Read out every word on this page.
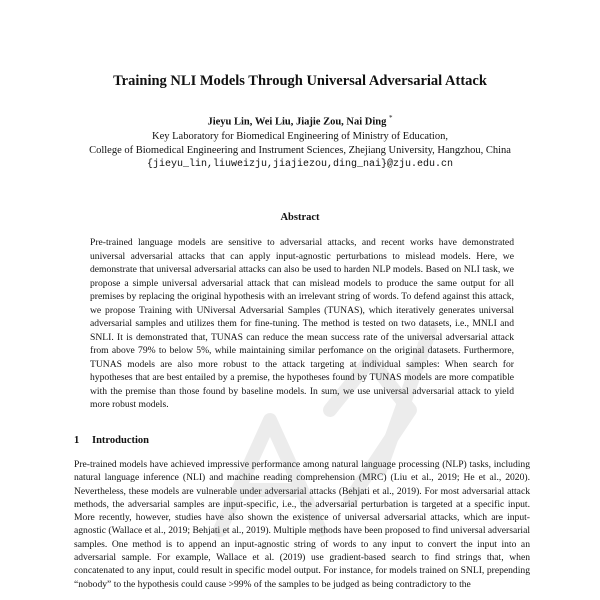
Training NLI Models Through Universal Adversarial Attack
Jieyu Lin, Wei Liu, Jiajie Zou, Nai Ding *
Key Laboratory for Biomedical Engineering of Ministry of Education,
College of Biomedical Engineering and Instrument Sciences, Zhejiang University, Hangzhou, China
{jieyu_lin,liuweizju,jiajiezou,ding_nai}@zju.edu.cn
Abstract
Pre-trained language models are sensitive to adversarial attacks, and recent works have demonstrated universal adversarial attacks that can apply input-agnostic perturbations to mislead models. Here, we demonstrate that universal adversarial attacks can also be used to harden NLP models. Based on NLI task, we propose a simple universal adversarial attack that can mislead models to produce the same output for all premises by replacing the original hypothesis with an irrelevant string of words. To defend against this attack, we propose Training with UNiversal Adversarial Samples (TUNAS), which iteratively generates universal adversarial samples and utilizes them for fine-tuning. The method is tested on two datasets, i.e., MNLI and SNLI. It is demonstrated that, TUNAS can reduce the mean success rate of the universal adversarial attack from above 79% to below 5%, while maintaining similar perfomance on the original datasets. Furthermore, TUNAS models are also more robust to the attack targeting at individual samples: When search for hypotheses that are best entailed by a premise, the hypotheses found by TUNAS models are more compatible with the premise than those found by baseline models. In sum, we use universal adversarial attack to yield more robust models.
1 Introduction
Pre-trained models have achieved impressive performance among natural language processing (NLP) tasks, including natural language inference (NLI) and machine reading comprehension (MRC) (Liu et al., 2019; He et al., 2020). Nevertheless, these models are vulnerable under adversarial attacks (Behjati et al., 2019). For most adversarial attack methods, the adversarial samples are input-specific, i.e., the adversarial perturbation is targeted at a specific input. More recently, however, studies have also shown the existence of universal adversarial attacks, which are input-agnostic (Wallace et al., 2019; Behjati et al., 2019). Multiple methods have been proposed to find universal adversarial samples. One method is to append an input-agnostic string of words to any input to convert the input into an adversarial sample. For example, Wallace et al. (2019) use gradient-based search to find strings that, when concatenated to any input, could result in specific model output. For instance, for models trained on SNLI, prepending “nobody” to the hypothesis could cause >99% of the samples to be judged as being contradictory to the
